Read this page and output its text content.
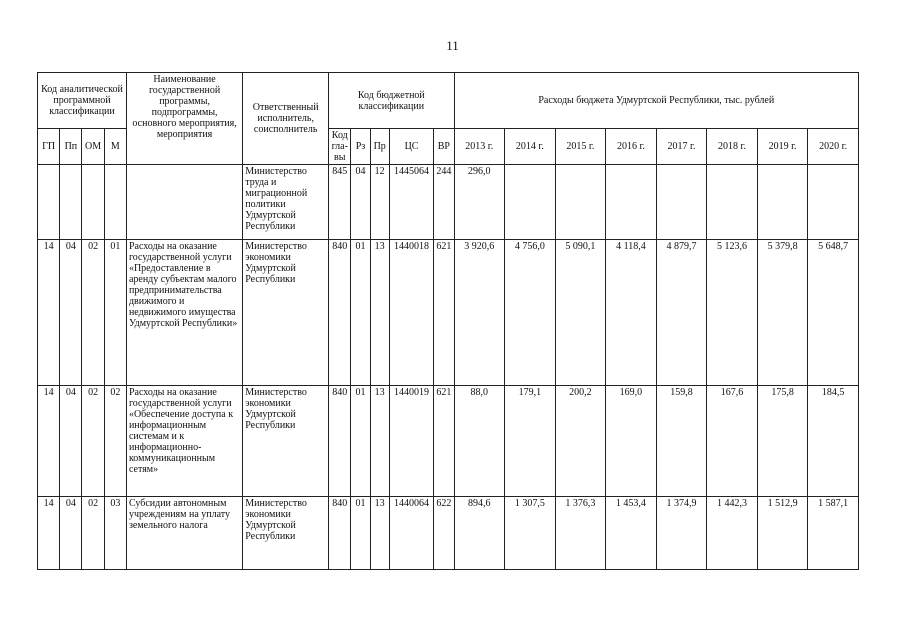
11
Код аналитической программной классификации				Наименование государственной программы, подпрограммы, основного мероприятия, мероприятия	Ответственный исполнитель, соисполнитель	Код бюджетной классификации					Расходы бюджета Удмуртской Республики, тыс. рублей							
ГП	Пп	ОМ	М			Код гла-вы	Рз	Пр	ЦС	ВР	2013 г.	2014 г.	2015 г.	2016 г.	2017 г.	2018 г.	2019 г.	2020 г.
					Министерство труда и миграционной политики Удмуртской Республики	845	04	12	1445064	244	296,0							
14	04	02	01	Расходы на оказание государственной услуги «Предоставление в аренду субъектам малого предпринимательства движимого и недвижимого имущества Удмуртской Республики»	Министерство экономики Удмуртской Республики	840	01	13	1440018	621	3 920,6	4 756,0	5 090,1	4 118,4	4 879,7	5 123,6	5 379,8	5 648,7
14	04	02	02	Расходы на оказание государственной услуги «Обеспечение доступа к информационным системам и к информационно-коммуникационным сетям»	Министерство экономики Удмуртской Республики	840	01	13	1440019	621	88,0	179,1	200,2	169,0	159,8	167,6	175,8	184,5
14	04	02	03	Субсидии автономным учреждениям на уплату земельного налога	Министерство экономики Удмуртской Республики	840	01	13	1440064	622	894,6	1 307,5	1 376,3	1 453,4	1 374,9	1 442,3	1 512,9	1 587,1
